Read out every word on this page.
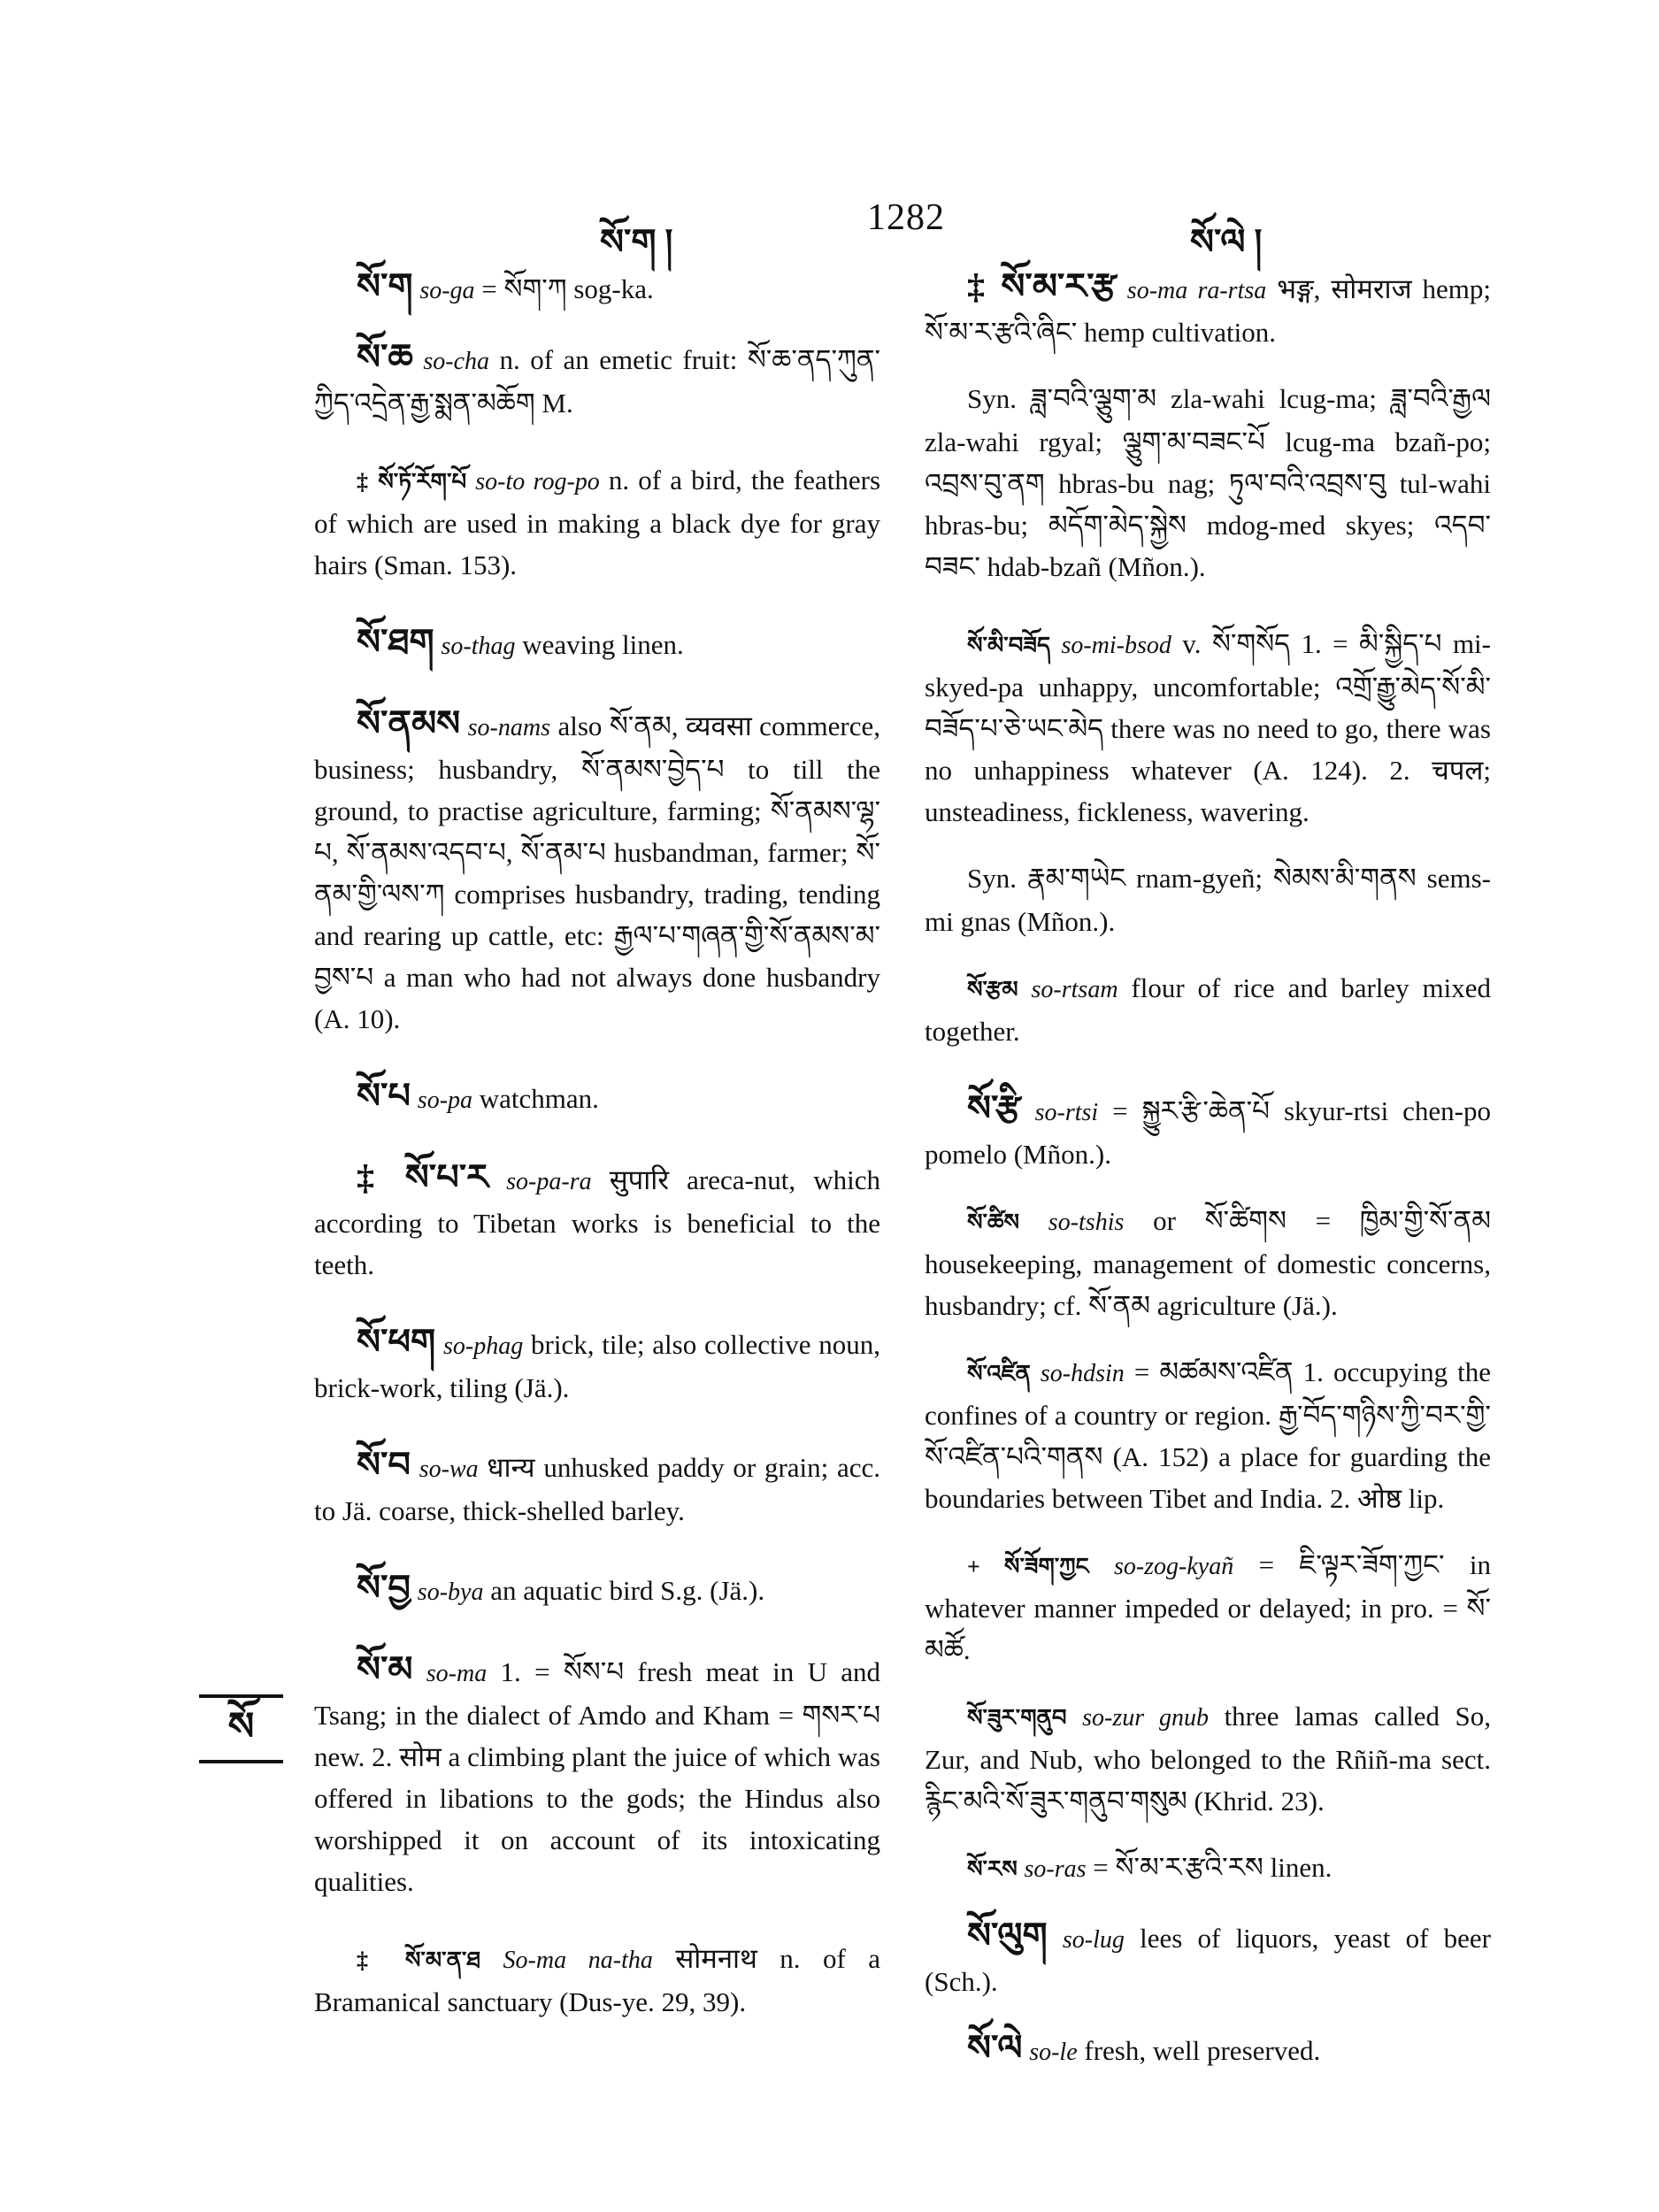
སོ་ག །
1282
སོ་ལེ །
སོ

སོ་ག so-ga = སོག་ཀ sog-ka.

སོ་ཆ so-cha n. of an emetic fruit: སོ་ཆ་ནད་ཀུན་ཀྱིད་འདྲེན་རྒྱ་སྨན་མཆོག M.

‡ སོ་ཏོ་རོག་པོ so-to rog-po n. of a bird, the feathers of which are used in making a black dye for gray hairs (Sman. 153).

སོ་ཐག so-thag weaving linen.

སོ་ནམས so-nams also སོ་ནམ, व्यवसा commerce, business; husbandry, སོ་ནམས་བྱེད་པ to till the ground, to practise agriculture, farming; སོ་ནམས་ལྷ་པ, སོ་ནམས་འདབ་པ, སོ་ནམ་པ husbandman, farmer; སོ་ནམ་གྱི་ལས་ཀ comprises husbandry, trading, tending and rearing up cattle, etc: རྒྱལ་པ་གཞན་གྱི་སོ་ནམས་མ་བྱས་པ a man who had not always done husbandry (A. 10).

སོ་པ so-pa watchman.

‡ སོ་པ་ར so-pa-ra सुपारि areca-nut, which according to Tibetan works is beneficial to the teeth.

སོ་ཕག so-phag brick, tile; also collective noun, brick-work, tiling (Jä.).

སོ་བ so-wa धान्य unhusked paddy or grain; acc. to Jä. coarse, thick-shelled barley.

སོ་བྱ so-bya an aquatic bird S.g. (Jä.).

སོ་མ so-ma 1. = སོས་པ fresh meat in U and Tsang; in the dialect of Amdo and Kham = གསར་པ new. 2. सोम a climbing plant the juice of which was offered in libations to the gods; the Hindus also worshipped it on account of its intoxicating qualities.

‡ སོ་མ་ན་ཐ So-ma na-tha सोमनाथ n. of a Bramanical sanctuary (Dus-ye. 29, 39).

‡ སོ་མ་ར་རྩ so-ma ra-rtsa भङ्ग, सोमराज hemp; སོ་མ་ར་རྩའི་ཞིང་ hemp cultivation.

Syn. ཟླ་བའི་ལྕུག་མ zla-wahi lcug-ma; ཟླ་བའི་རྒྱལ zla-wahi rgyal; ལྕུག་མ་བཟང་པོ lcug-ma bzañ-po; འབྲས་བུ་ནག hbras-bu nag; ཏུལ་བའི་འབྲས་བུ tul-wahi hbras-bu; མདོག་མེད་སྐྱེས mdog-med skyes; འདབ་བཟང་ hdab-bzañ (Mñon.).

སོ་མི་བཟོད so-mi-bsod v. སོ་གསོད 1. = མི་སྐྱིད་པ mi-skyed-pa unhappy, uncomfortable; འགྲོ་རྒྱུ་མེད་སོ་མི་བཟོད་པ་ཅེ་ཡང་མེད there was no need to go, there was no unhappiness whatever (A. 124). 2. चपल; unsteadiness, fickleness, wavering.

Syn. རྣམ་གཡེང rnam-gyeñ; སེམས་མི་གནས sems-mi gnas (Mñon.).

སོ་རྩམ so-rtsam flour of rice and barley mixed together.

སོ་རྩི so-rtsi = སྐྱུར་རྩི་ཆེན་པོ skyur-rtsi chen-po pomelo (Mñon.).

སོ་ཚིས so-tshis or སོ་ཚིགས = ཁྱིམ་གྱི་སོ་ནམ housekeeping, management of domestic concerns, husbandry; cf. སོ་ནམ agriculture (Jä.).

སོ་འཛིན so-hdsin = མཚམས་འཛིན 1. occupying the confines of a country or region. རྒྱ་བོད་གཉིས་ཀྱི་བར་གྱི་སོ་འཛིན་པའི་གནས (A. 152) a place for guarding the boundaries between Tibet and India. 2. ओष्ठ lip.

+ སོ་ཟོག་ཀྱང so-zog-kyañ = ཇི་ལྟར་ཟོག་ཀྱང་ in whatever manner impeded or delayed; in pro. = སོ་མཚོ.

སོ་ཟུར་གནུབ so-zur gnub three lamas called So, Zur, and Nub, who belonged to the Rñiñ-ma sect. རྙིང་མའི་སོ་ཟུར་གནུབ་གསུམ (Khrid. 23).

སོ་རས so-ras = སོ་མ་ར་རྩའི་རས linen.

སོ་ལུག so-lug lees of liquors, yeast of beer (Sch.).

སོ་ལེ so-le fresh, well preserved.
